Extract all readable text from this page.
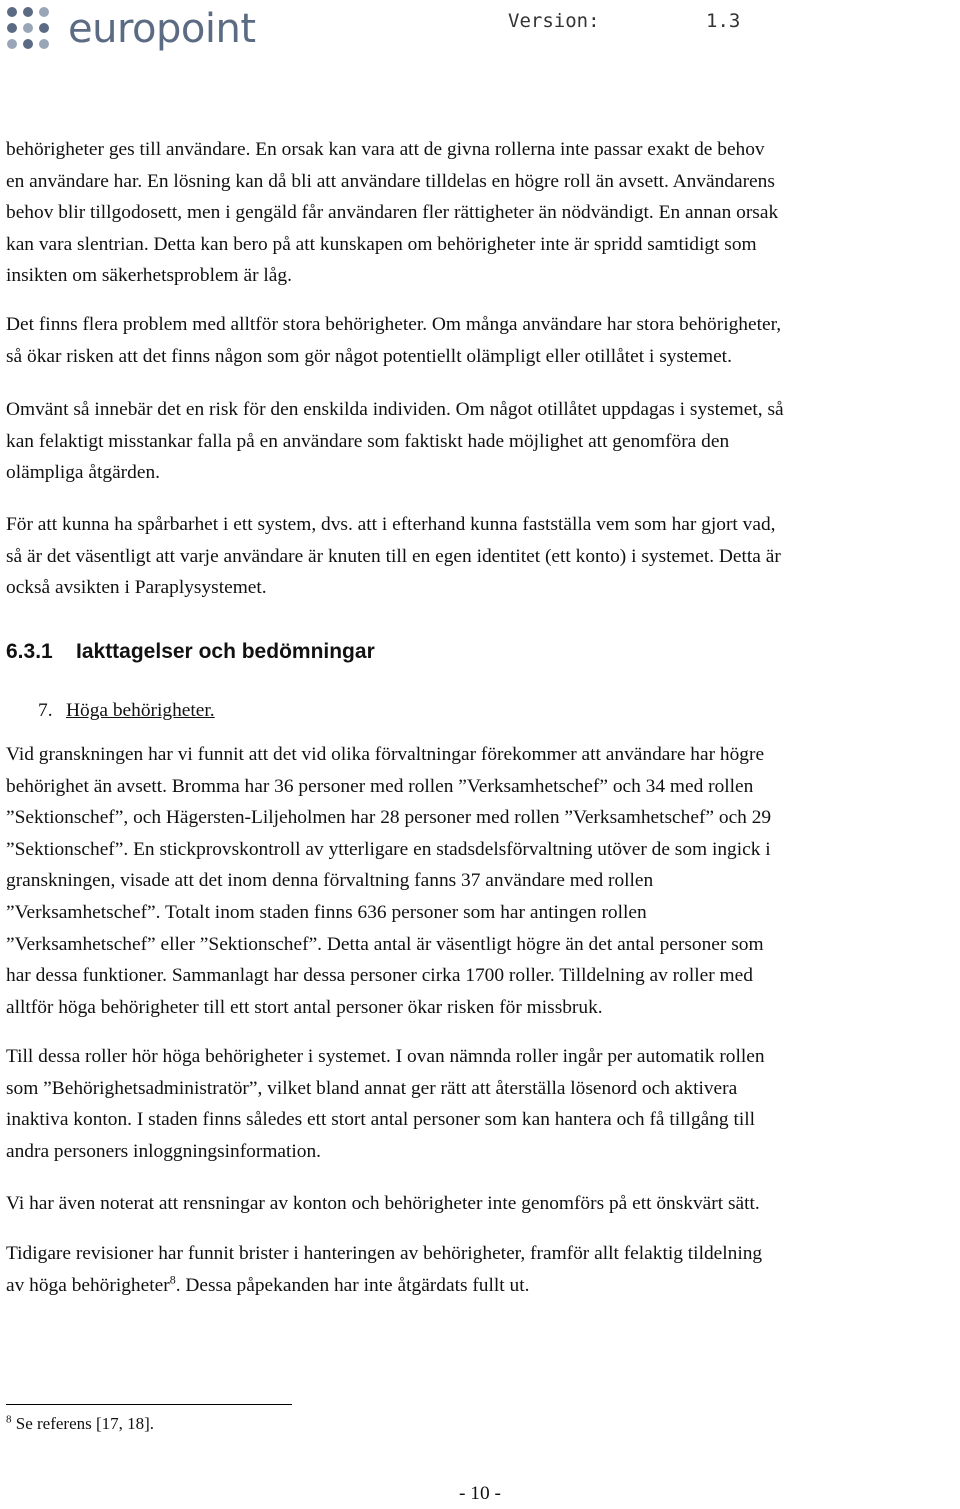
europoint	Version:	1.3

behörigheter ges till användare. En orsak kan vara att de givna rollerna inte passar exakt de behov
en användare har. En lösning kan då bli att användare tilldelas en högre roll än avsett. Användarens
behov blir tillgodosett, men i gengäld får användaren fler rättigheter än nödvändigt. En annan orsak
kan vara slentrian. Detta kan bero på att kunskapen om behörigheter inte är spridd samtidigt som
insikten om säkerhetsproblem är låg.

Det finns flera problem med alltför stora behörigheter. Om många användare har stora behörigheter,
så ökar risken att det finns någon som gör något potentiellt olämpligt eller otillåtet i systemet.

Omvänt så innebär det en risk för den enskilda individen. Om något otillåtet uppdagas i systemet, så
kan felaktigt misstankar falla på en användare som faktiskt hade möjlighet att genomföra den
olämpliga åtgärden.

För att kunna ha spårbarhet i ett system, dvs. att i efterhand kunna fastställa vem som har gjort vad,
så är det väsentligt att varje användare är knuten till en egen identitet (ett konto) i systemet. Detta är
också avsikten i Paraplysystemet.

6.3.1 Iakttagelser och bedömningar
7. Höga behörigheter.

Vid granskningen har vi funnit att det vid olika förvaltningar förekommer att användare har högre
behörighet än avsett. Bromma har 36 personer med rollen ”Verksamhetschef” och 34 med rollen
”Sektionschef”, och Hägersten-Liljeholmen har 28 personer med rollen ”Verksamhetschef” och 29
”Sektionschef”. En stickprovskontroll av ytterligare en stadsdelsförvaltning utöver de som ingick i
granskningen, visade att det inom denna förvaltning fanns 37 användare med rollen
”Verksamhetschef”. Totalt inom staden finns 636 personer som har antingen rollen
”Verksamhetschef” eller ”Sektionschef”. Detta antal är väsentligt högre än det antal personer som
har dessa funktioner. Sammanlagt har dessa personer cirka 1700 roller. Tilldelning av roller med
alltför höga behörigheter till ett stort antal personer ökar risken för missbruk.

Till dessa roller hör höga behörigheter i systemet. I ovan nämnda roller ingår per automatik rollen
som ”Behörighetsadministratör”, vilket bland annat ger rätt att återställa lösenord och aktivera
inaktiva konton. I staden finns således ett stort antal personer som kan hantera och få tillgång till
andra personers inloggningsinformation.

Vi har även noterat att rensningar av konton och behörigheter inte genomförs på ett önskvärt sätt.

Tidigare revisioner har funnit brister i hanteringen av behörigheter, framför allt felaktig tildelning
av höga behörigheter$^8$. Dessa påpekanden har inte åtgärdats fullt ut.

$^8$ Se referens [17, 18].
- 10 -
